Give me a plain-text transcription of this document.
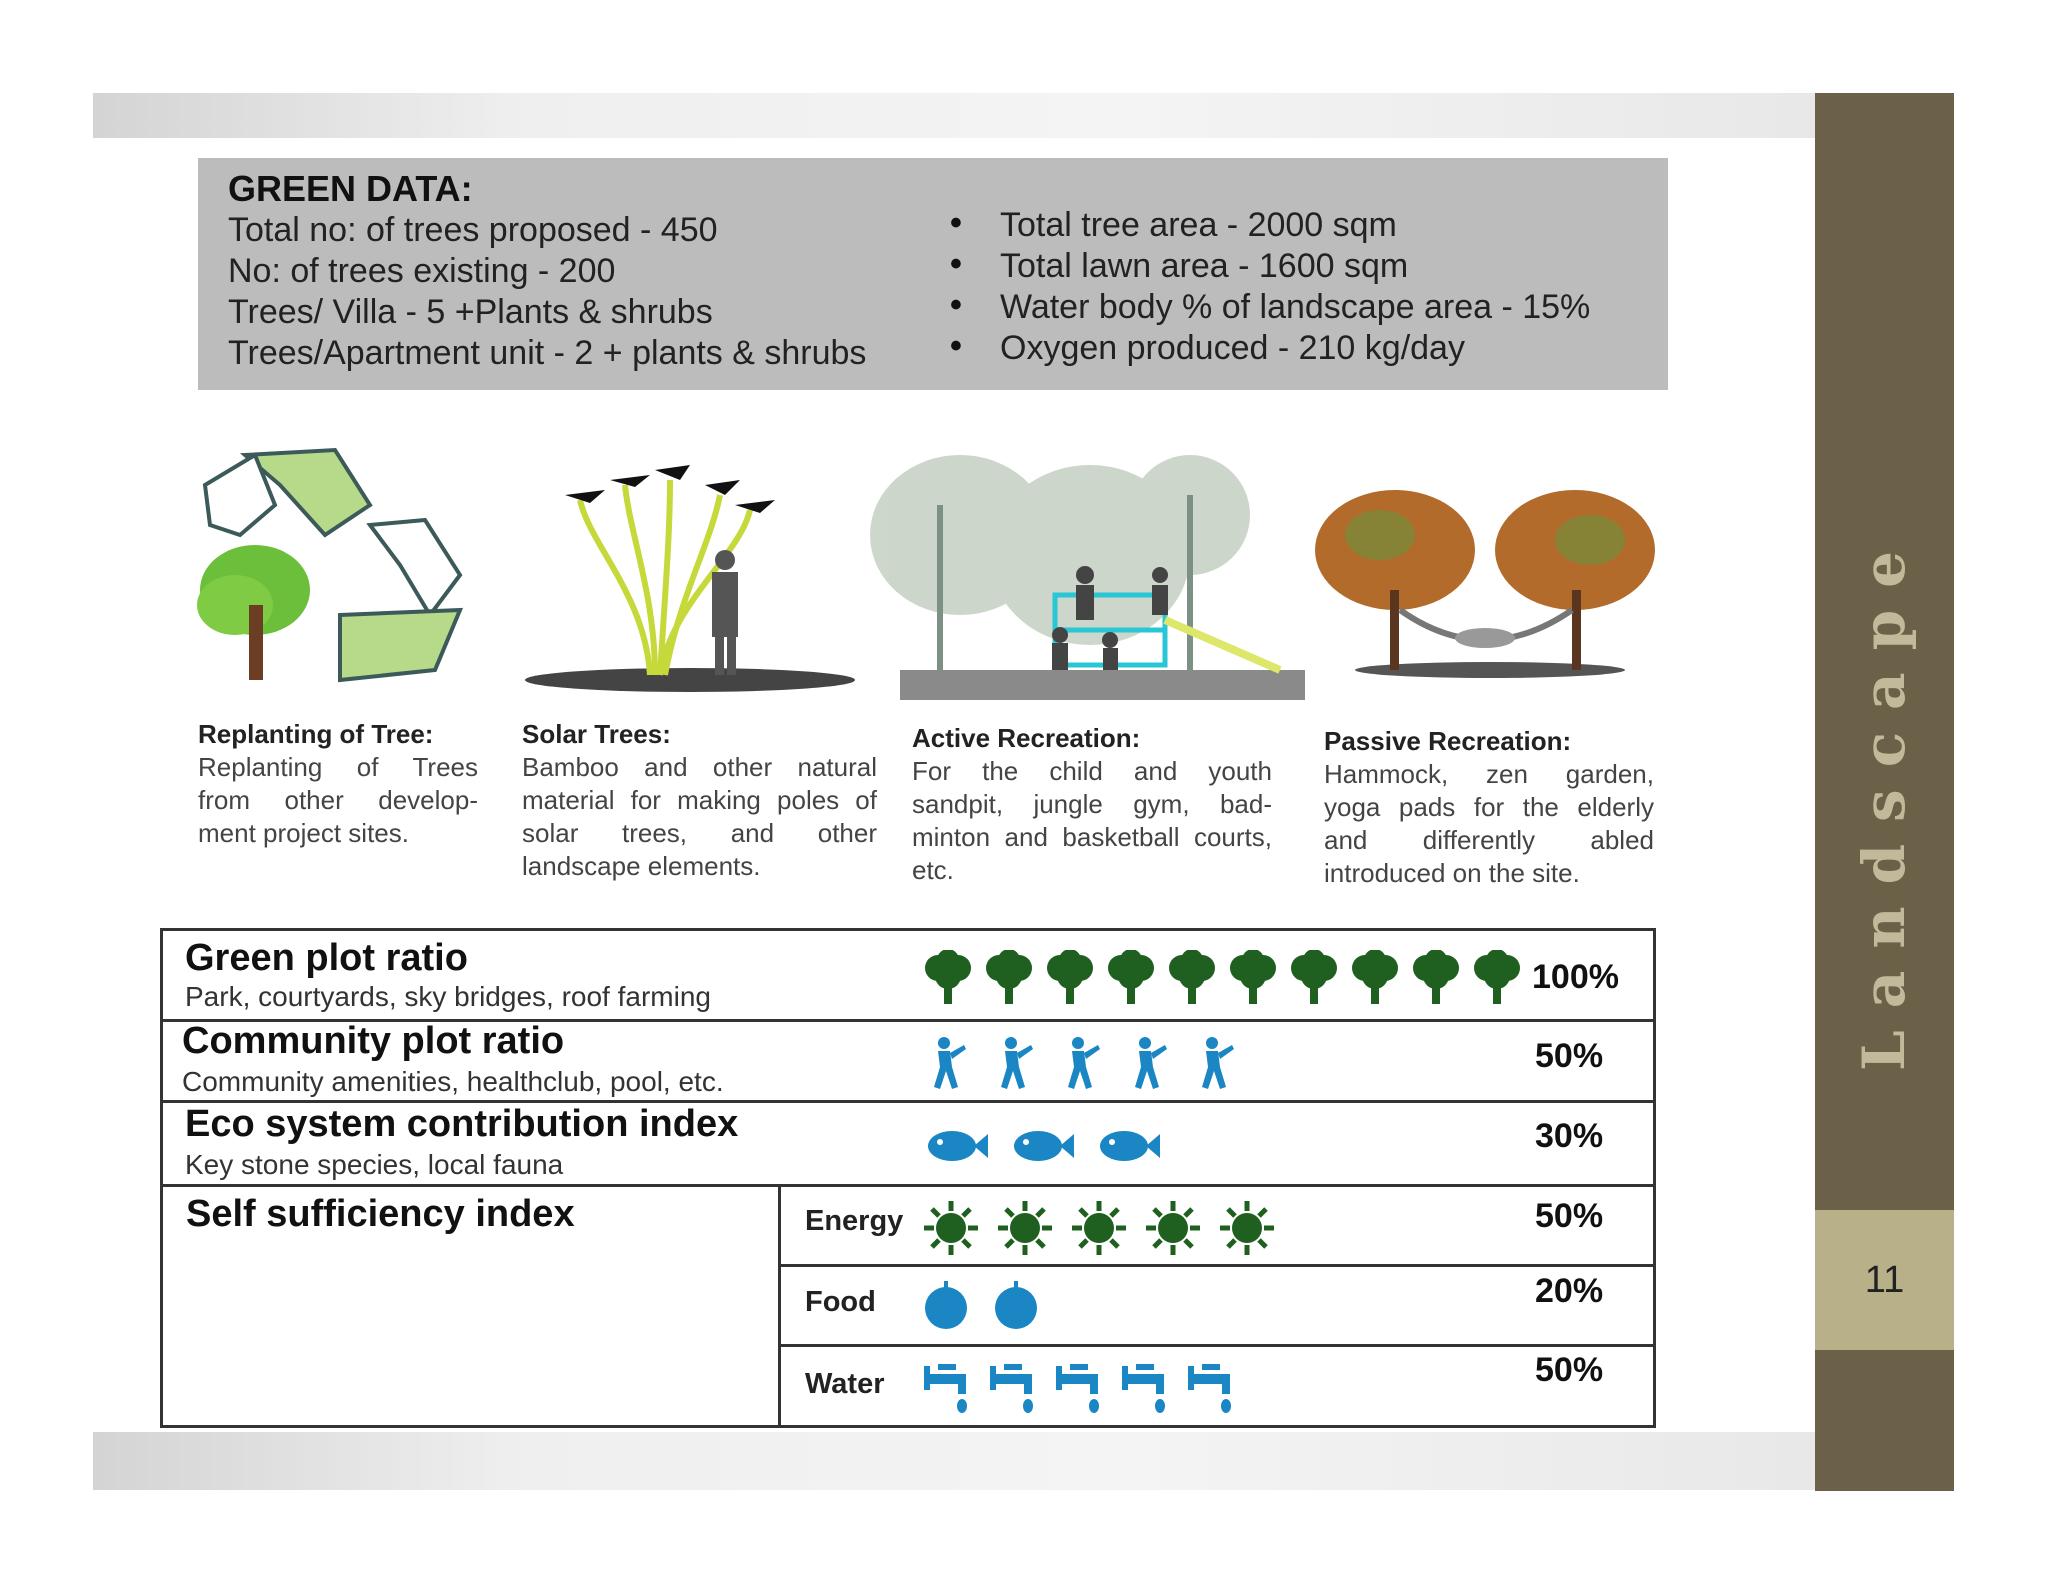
Landscape
11
GREEN DATA:
Total no: of trees proposed - 450
No: of trees existing - 200
Trees/ Villa - 5 +Plants & shrubs
Trees/Apartment unit - 2 + plants & shrubs
•
•
•
•
Total tree area - 2000 sqm
Total lawn area - 1600 sqm
Water body % of landscape area - 15%
Oxygen produced - 210 kg/day
Replanting of Tree:
Replanting of Trees from other develop- ment project sites.
Solar Trees:
Bamboo and other natural material for making poles of solar trees, and other landscape elements.
Active Recreation:
For the child and youth sandpit, jungle gym, bad- minton and basketball courts, etc.
Passive Recreation:
Hammock, zen garden, yoga pads for the elderly and differently abled introduced on the site.
Green plot ratio
Park, courtyards, sky bridges, roof farming
100%
Community plot ratio
Community amenities, healthclub, pool, etc.
50%
Eco system contribution index
Key stone species, local fauna
30%
Self sufficiency index	Energy	50%
Food	20%
Water	50%
